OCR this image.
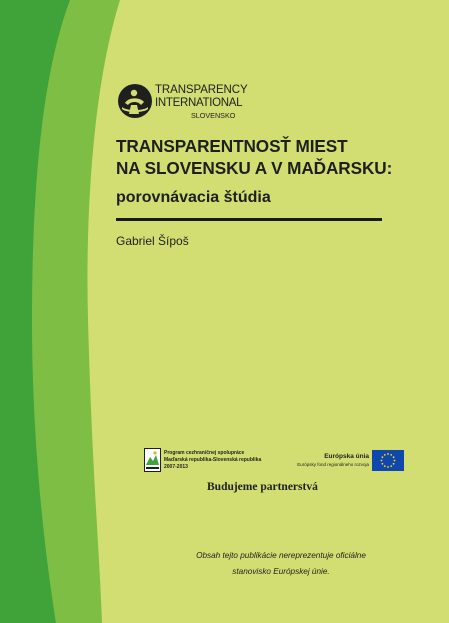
TRANSPARENCY
INTERNATIONAL
SLOVENSKO
TRANSPARENTNOSŤ MIEST
NA SLOVENSKU A V MAĎARSKU:
porovnávacia štúdia
Gabriel Šípoš
Program cezhraničnej spolupráce
Maďarská republika-Slovenská republika
2007-2013
Európska únia
Európsky fond regionálneho rozvoja
Budujeme partnerstvá
Obsah tejto publikácie nereprezentuje oficiálne
stanovisko Európskej únie.
